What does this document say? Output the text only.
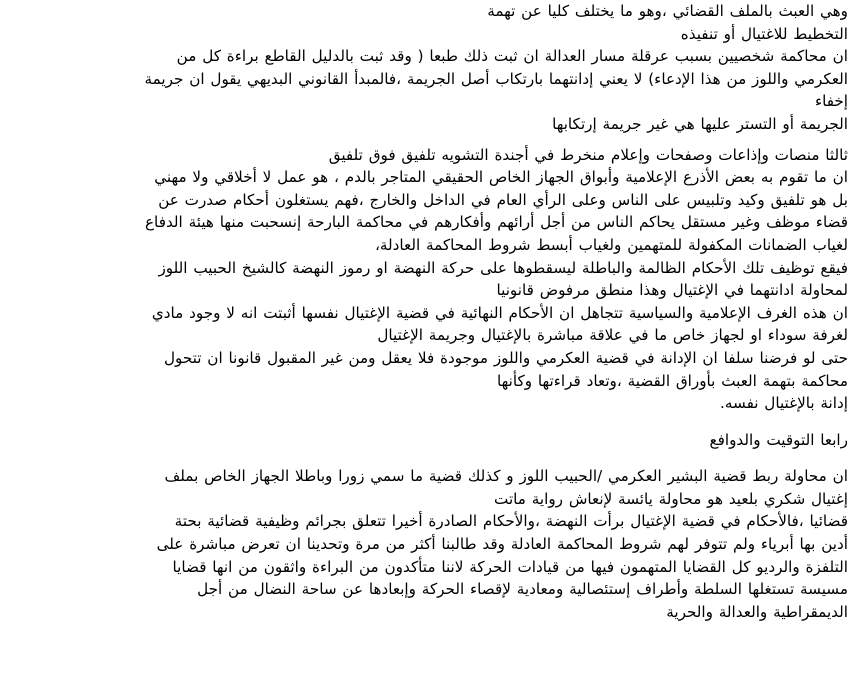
وهي العبث بالملف القضائي ،وهو ما يختلف كليا عن تهمة
التخطيط للاغتيال أو تنفيذه

ان محاكمة شخصيين بسبب عرقلة مسار العدالة ان ثبت ذلك طبعا ( وقد ثبت بالدليل القاطع براءة كل من
العكرمي واللوز من هذا الإدعاء) لا يعني إدانتهما بارتكاب أصل الجريمة ،فالمبدأ القانوني البديهي يقول ان جريمة
إخفاء
الجريمة أو التستر عليها هي غير جريمة إرتكابها

ثالثا منصات وإذاعات وصفحات وإعلام منخرط في أجندة التشويه تلفيق فوق تلفيق
ان ما تقوم به بعض الأذرع الإعلامية وأبواق الجهاز الخاص الحقيقي المتاجر بالدم ، هو عمل لا أخلاقي ولا مهني
بل هو تلفيق وكيد وتلبيس على الناس وعلى الرأي العام في الداخل والخارج ،فهم يستغلون أحكام صدرت عن
قضاء موظف وغير مستقل يحاكم الناس من أجل أرائهم وأفكارهم في محاكمة البارحة إنسحبت منها هيئة الدفاع
لغياب الضمانات المكفولة للمتهمين ولغياب أبسط شروط المحاكمة العادلة،
فيقع توظيف تلك الأحكام الظالمة والباطلة ليسقطوها على حركة النهضة او رموز النهضة كالشيخ الحبيب اللوز
لمحاولة ادانتهما في الإغتيال وهذا منطق مرفوض قانونيا
ان هذه الغرف الإعلامية والسياسية تتجاهل ان الأحكام النهائية في قضية الإغتيال نفسها أثبتت انه لا وجود مادي
لغرفة سوداء او لجهاز خاص ما في علاقة مباشرة بالإغتيال وجريمة الإغتيال
حتى لو فرضنا سلفا ان الإدانة في قضية العكرمي واللوز موجودة فلا يعقل ومن غير المقبول قانونا ان تتحول
محاكمة بتهمة العبث بأوراق القضية ،وتعاد قراءتها وكأنها
إدانة بالإغتيال نفسه.

رابعا التوقيت والدوافع

ان محاولة ربط قضية البشير العكرمي /الحبيب اللوز و كذلك قضية ما سمي زورا وباطلا الجهاز الخاص بملف
إغتيال شكري بلعيد هو محاولة يائسة لإنعاش رواية ماتت
قضائيا ،فالأحكام في قضية الإغتيال برأت النهضة ،والأحكام الصادرة أخيرا تتعلق بجرائم وظيفية قضائية بحتة
أدين بها أبرياء ولم تتوفر لهم شروط المحاكمة العادلة وقد طالبنا أكثر من مرة وتحدينا ان تعرض مباشرة على
التلفزة والرديو كل القضايا المتهمون فيها من قيادات الحركة لاننا متأكدون من البراءة واثقون من انها قضايا
مسيسة تستغلها السلطة وأطراف إستئصالية ومعادية لإقصاء الحركة وإبعادها عن ساحة النضال من أجل
الديمقراطية والعدالة والحرية
